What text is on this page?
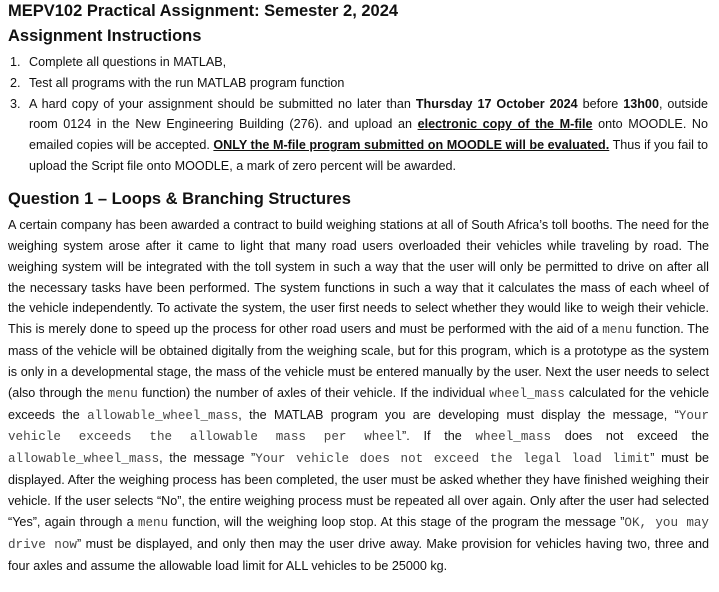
MEPV102 Practical Assignment: Semester 2, 2024
Assignment Instructions
1. Complete all questions in MATLAB,
2. Test all programs with the run MATLAB program function
3. A hard copy of your assignment should be submitted no later than Thursday 17 October 2024 before 13h00, outside room 0124 in the New Engineering Building (276). and upload an electronic copy of the M-file onto MOODLE. No emailed copies will be accepted. ONLY the M-file program submitted on MOODLE will be evaluated. Thus if you fail to upload the Script file onto MOODLE, a mark of zero percent will be awarded.
Question 1 – Loops & Branching Structures

A certain company has been awarded a contract to build weighing stations at all of South Africa’s toll booths. The need for the weighing system arose after it came to light that many road users overloaded their vehicles while traveling by road. The weighing system will be integrated with the toll system in such a way that the user will only be permitted to drive on after all the necessary tasks have been performed. The system functions in such a way that it calculates the mass of each wheel of the vehicle independently. To activate the system, the user first needs to select whether they would like to weigh their vehicle. This is merely done to speed up the process for other road users and must be performed with the aid of a menu function. The mass of the vehicle will be obtained digitally from the weighing scale, but for this program, which is a prototype as the system is only in a developmental stage, the mass of the vehicle must be entered manually by the user. Next the user needs to select (also through the menu function) the number of axles of their vehicle. If the individual wheel_mass calculated for the vehicle exceeds the allowable_wheel_mass, the MATLAB program you are developing must display the message, “Your vehicle exceeds the allowable mass per wheel”. If the wheel_mass does not exceed the allowable_wheel_mass, the message ”Your vehicle does not exceed the legal load limit” must be displayed. After the weighing process has been completed, the user must be asked whether they have finished weighing their vehicle. If the user selects “No”, the entire weighing process must be repeated all over again. Only after the user had selected “Yes”, again through a menu function, will the weighing loop stop. At this stage of the program the message ”OK, you may drive now” must be displayed, and only then may the user drive away. Make provision for vehicles having two, three and four axles and assume the allowable load limit for ALL vehicles to be 25000 kg.
